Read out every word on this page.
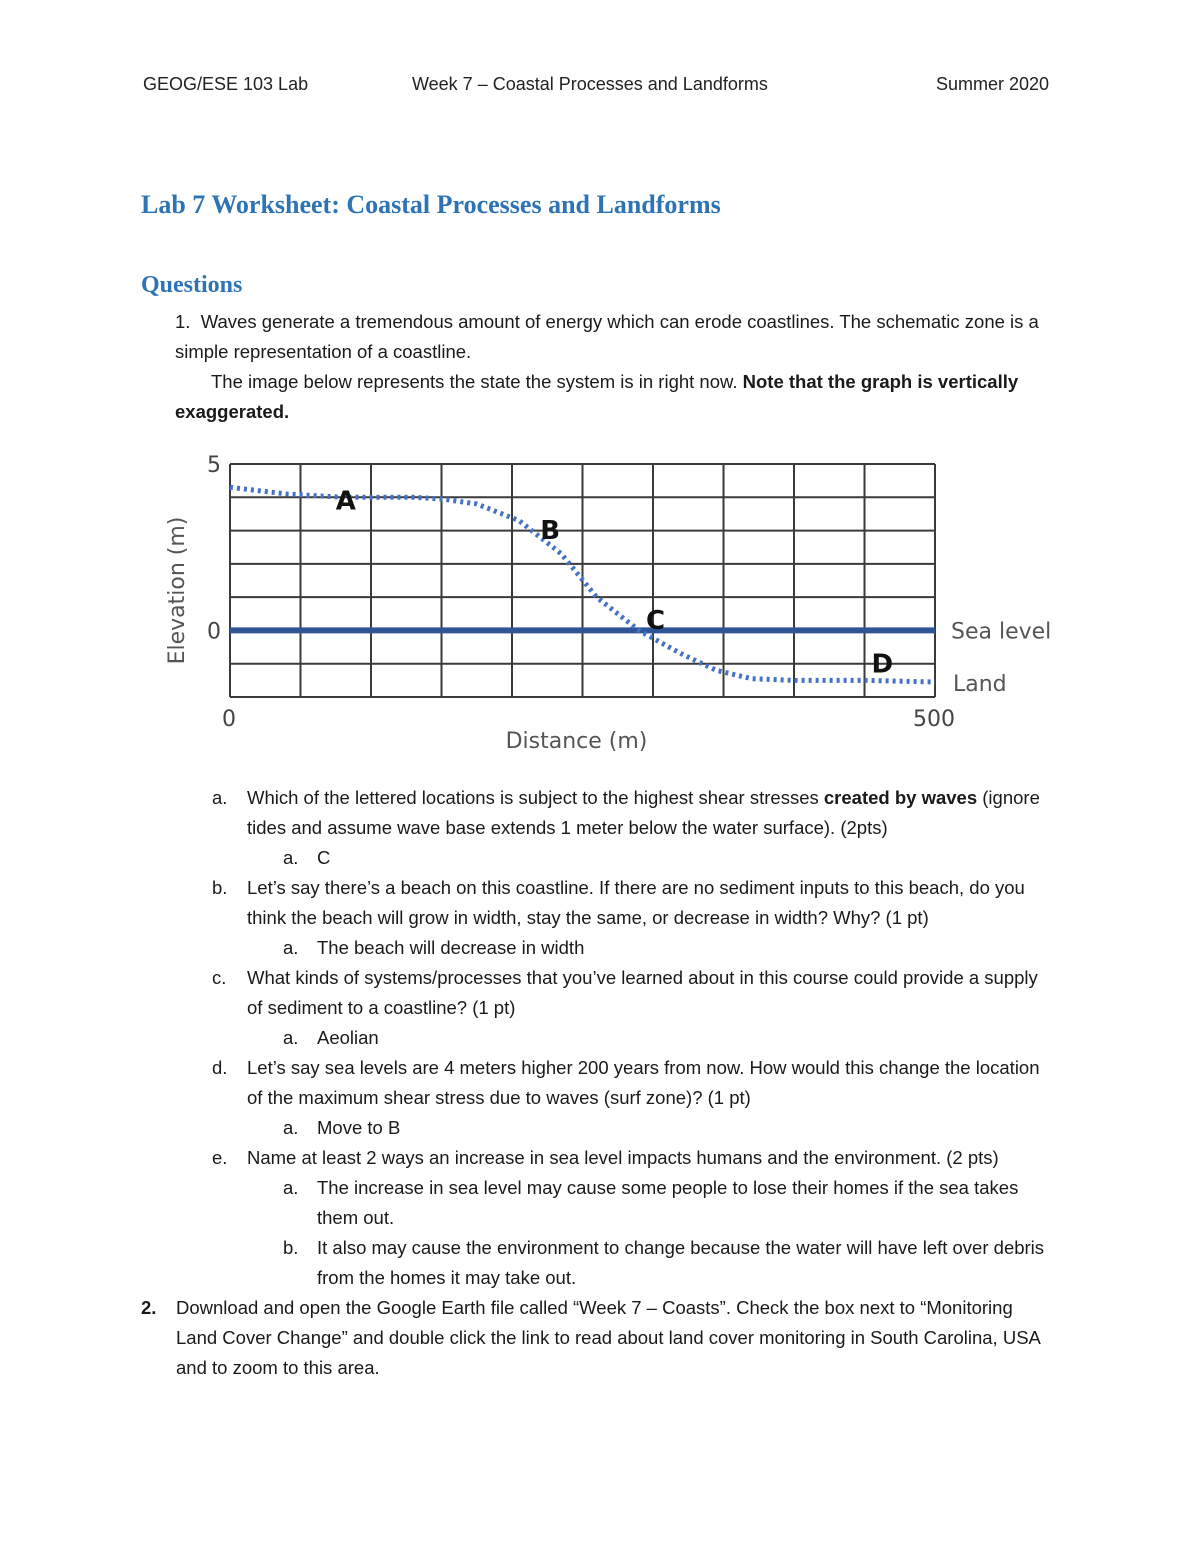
GEOG/ESE 103 Lab	Week 7 – Coastal Processes and Landforms	Summer 2020
Lab 7 Worksheet: Coastal Processes and Landforms
Questions

1. Waves generate a tremendous amount of energy which can erode coastlines. The schematic zone is a simple representation of a coastline.

The image below represents the state the system is in right now. Note that the graph is vertically exaggerated.

A
B
C
D
5
0
0	500
Distance (m)
Elevation (m)	Sea level
Land
a. Which of the lettered locations is subject to the highest shear stresses created by waves (ignore tides and assume wave base extends 1 meter below the water surface). (2pts)
a. C
b. Let’s say there’s a beach on this coastline. If there are no sediment inputs to this beach, do you think the beach will grow in width, stay the same, or decrease in width? Why? (1 pt)
a. The beach will decrease in width
c. What kinds of systems/processes that you’ve learned about in this course could provide a supply of sediment to a coastline? (1 pt)
a. Aeolian
d. Let’s say sea levels are 4 meters higher 200 years from now. How would this change the location of the maximum shear stress due to waves (surf zone)? (1 pt)
a. Move to B
e. Name at least 2 ways an increase in sea level impacts humans and the environment. (2 pts)
a. The increase in sea level may cause some people to lose their homes if the sea takes them out.
b. It also may cause the environment to change because the water will have left over debris from the homes it may take out.
2. Download and open the Google Earth file called “Week 7 – Coasts”. Check the box next to “Monitoring Land Cover Change” and double click the link to read about land cover monitoring in South Carolina, USA and to zoom to this area.
